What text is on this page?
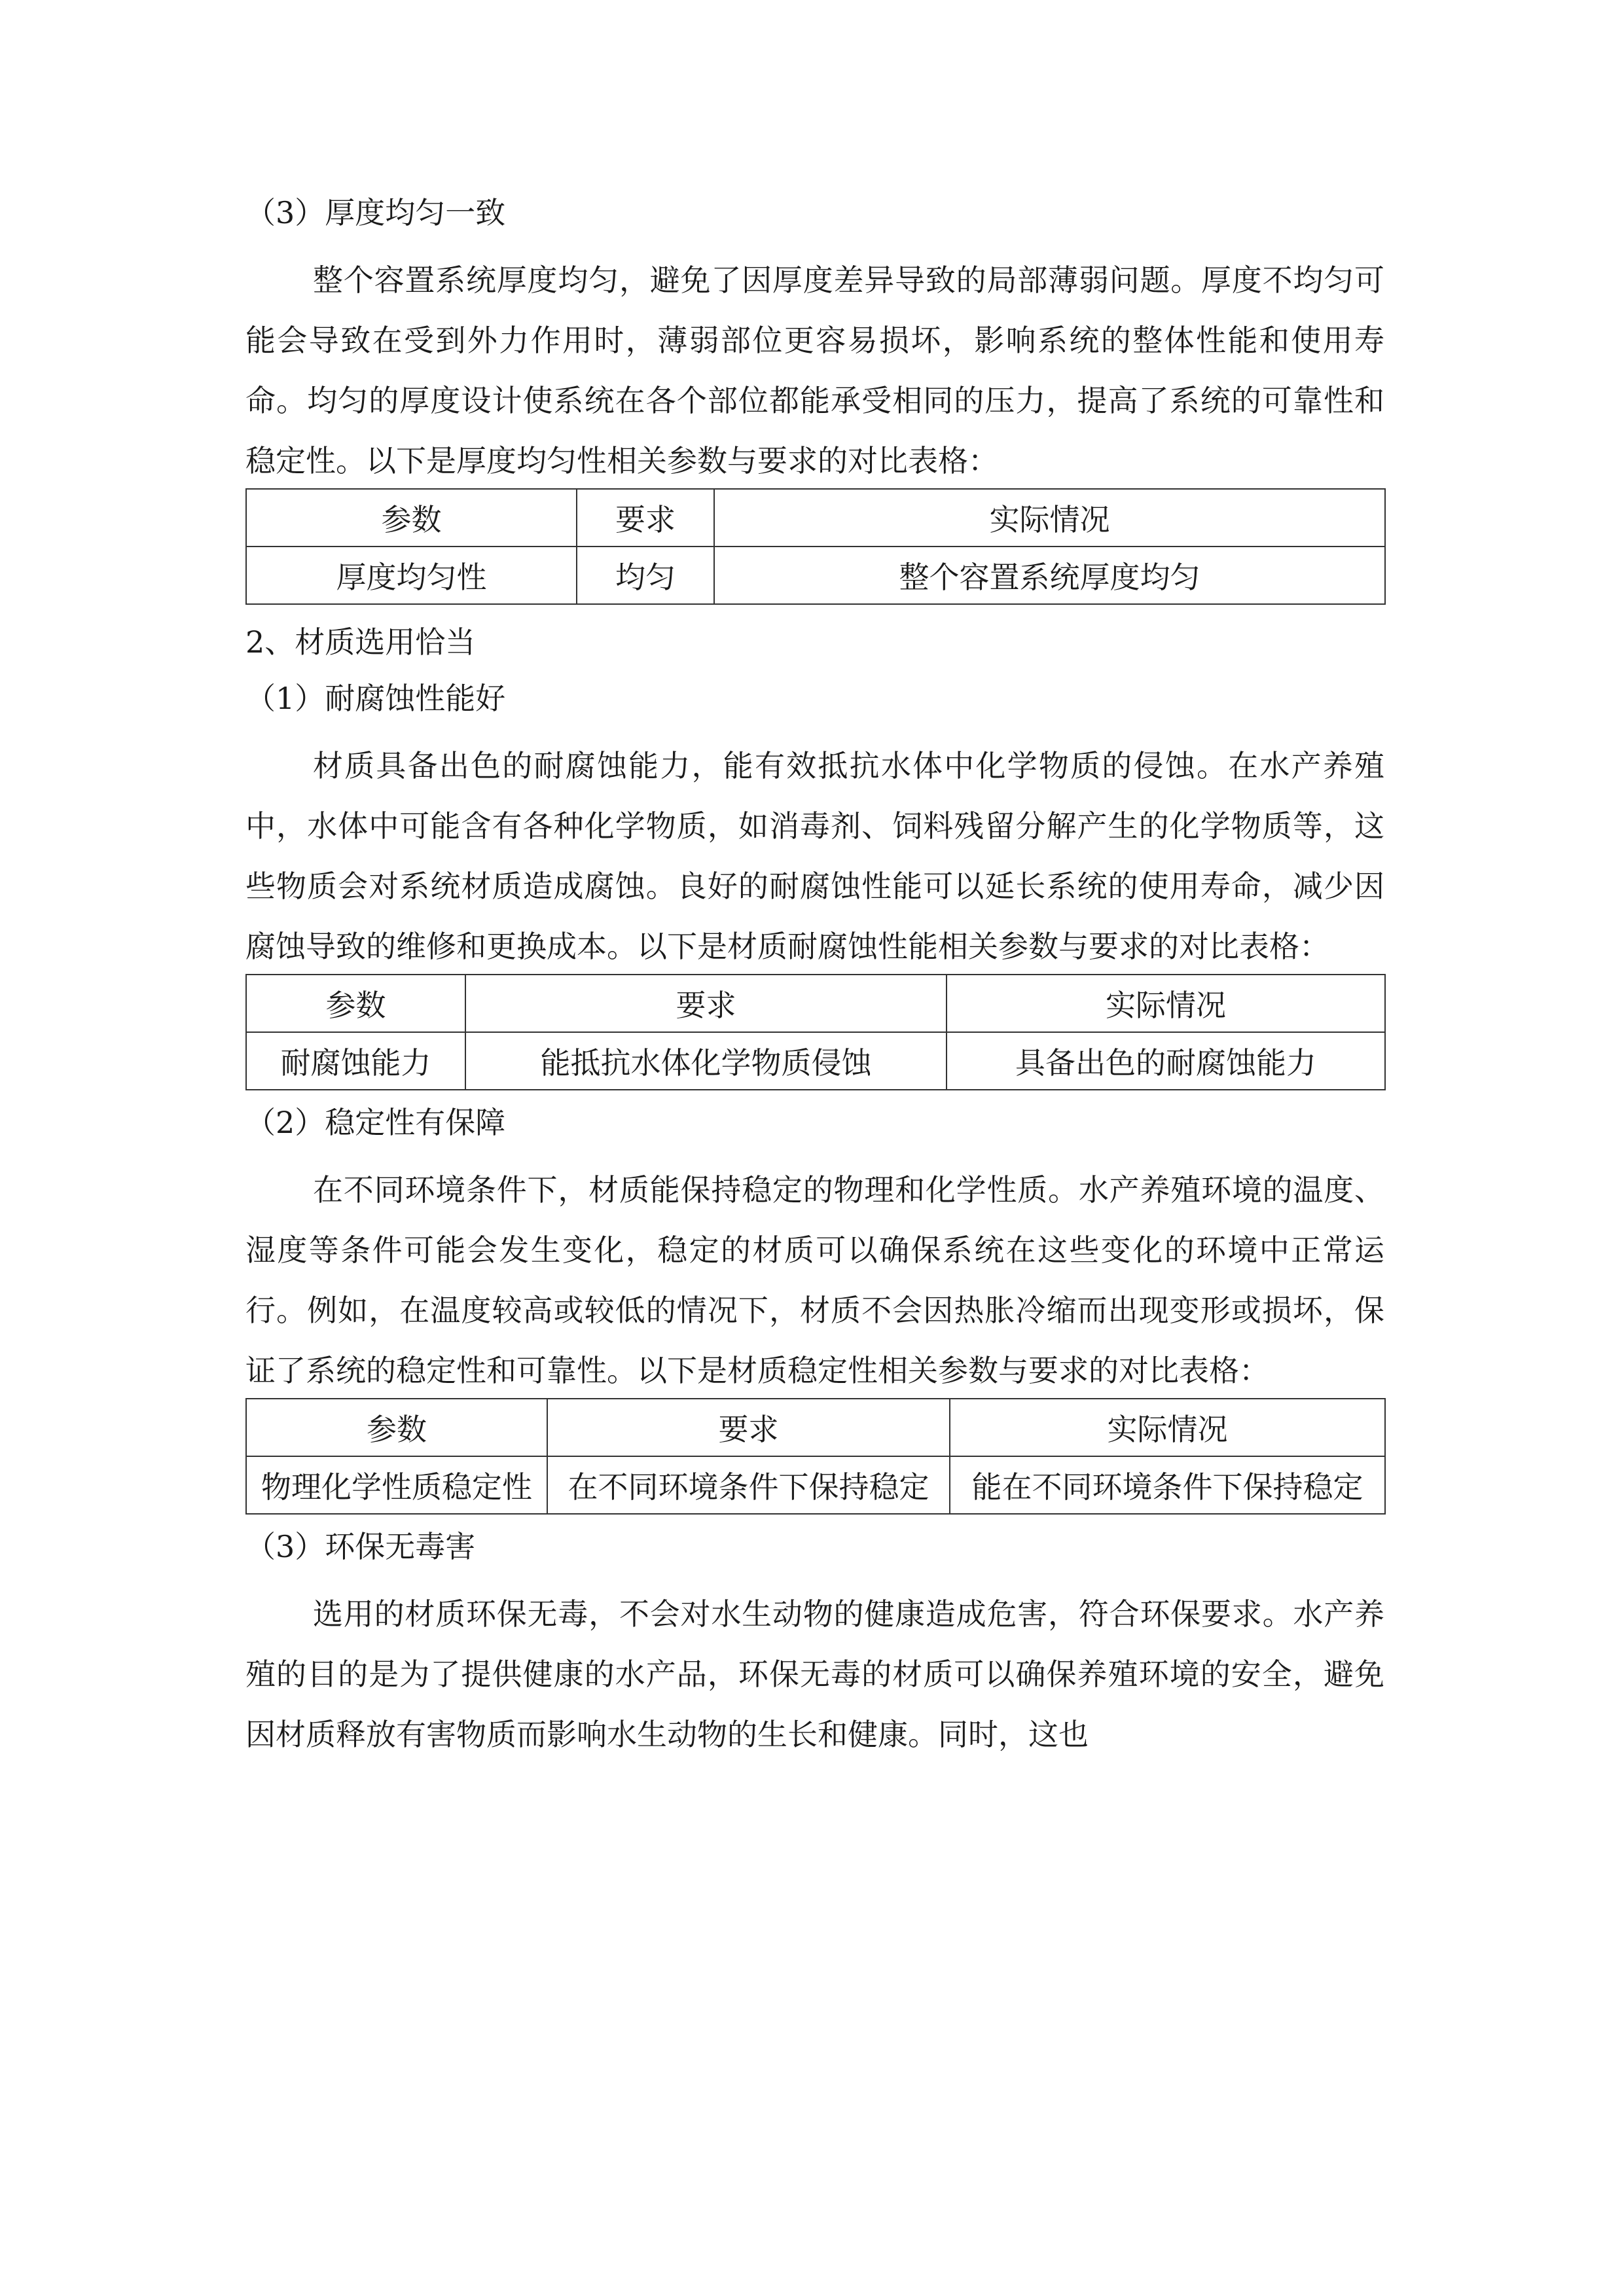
（3）厚度均匀一致

整个容置系统厚度均匀，避免了因厚度差异导致的局部薄弱问题。厚度不均匀可能会导致在受到外力作用时，薄弱部位更容易损坏，影响系统的整体性能和使用寿命。均匀的厚度设计使系统在各个部位都能承受相同的压力，提高了系统的可靠性和稳定性。以下是厚度均匀性相关参数与要求的对比表格：

参数	要求	实际情况
厚度均匀性	均匀	整个容置系统厚度均匀

2、材质选用恰当

（1）耐腐蚀性能好

材质具备出色的耐腐蚀能力，能有效抵抗水体中化学物质的侵蚀。在水产养殖中，水体中可能含有各种化学物质，如消毒剂、饲料残留分解产生的化学物质等，这些物质会对系统材质造成腐蚀。良好的耐腐蚀性能可以延长系统的使用寿命，减少因腐蚀导致的维修和更换成本。以下是材质耐腐蚀性能相关参数与要求的对比表格：

参数	要求	实际情况
耐腐蚀能力	能抵抗水体化学物质侵蚀	具备出色的耐腐蚀能力

（2）稳定性有保障

在不同环境条件下，材质能保持稳定的物理和化学性质。水产养殖环境的温度、湿度等条件可能会发生变化，稳定的材质可以确保系统在这些变化的环境中正常运行。例如，在温度较高或较低的情况下，材质不会因热胀冷缩而出现变形或损坏，保证了系统的稳定性和可靠性。以下是材质稳定性相关参数与要求的对比表格：

参数	要求	实际情况
物理化学性质稳定性	在不同环境条件下保持稳定	能在不同环境条件下保持稳定

（3）环保无毒害

选用的材质环保无毒，不会对水生动物的健康造成危害，符合环保要求。水产养殖的目的是为了提供健康的水产品，环保无毒的材质可以确保养殖环境的安全，避免因材质释放有害物质而影响水生动物的生长和健康。同时，这也
